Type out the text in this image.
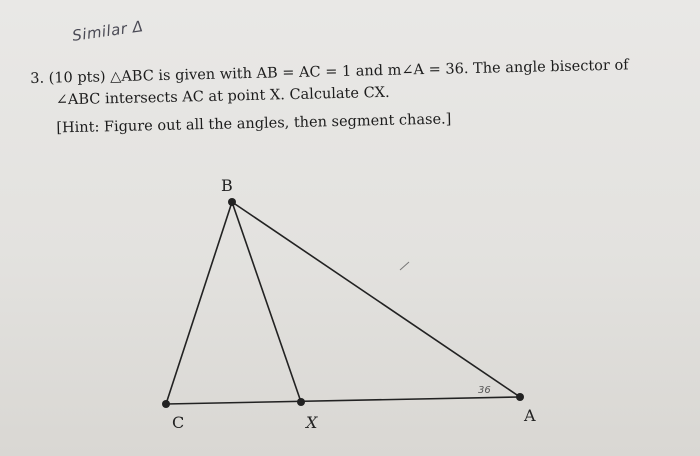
Similar Δ
3. (10 pts) △ABC is given with AB = AC = 1 and m∠A = 36. The angle bisector of
∠ABC intersects AC at point X. Calculate CX.
[Hint: Figure out all the angles, then segment chase.]
B
C	X	A
36
